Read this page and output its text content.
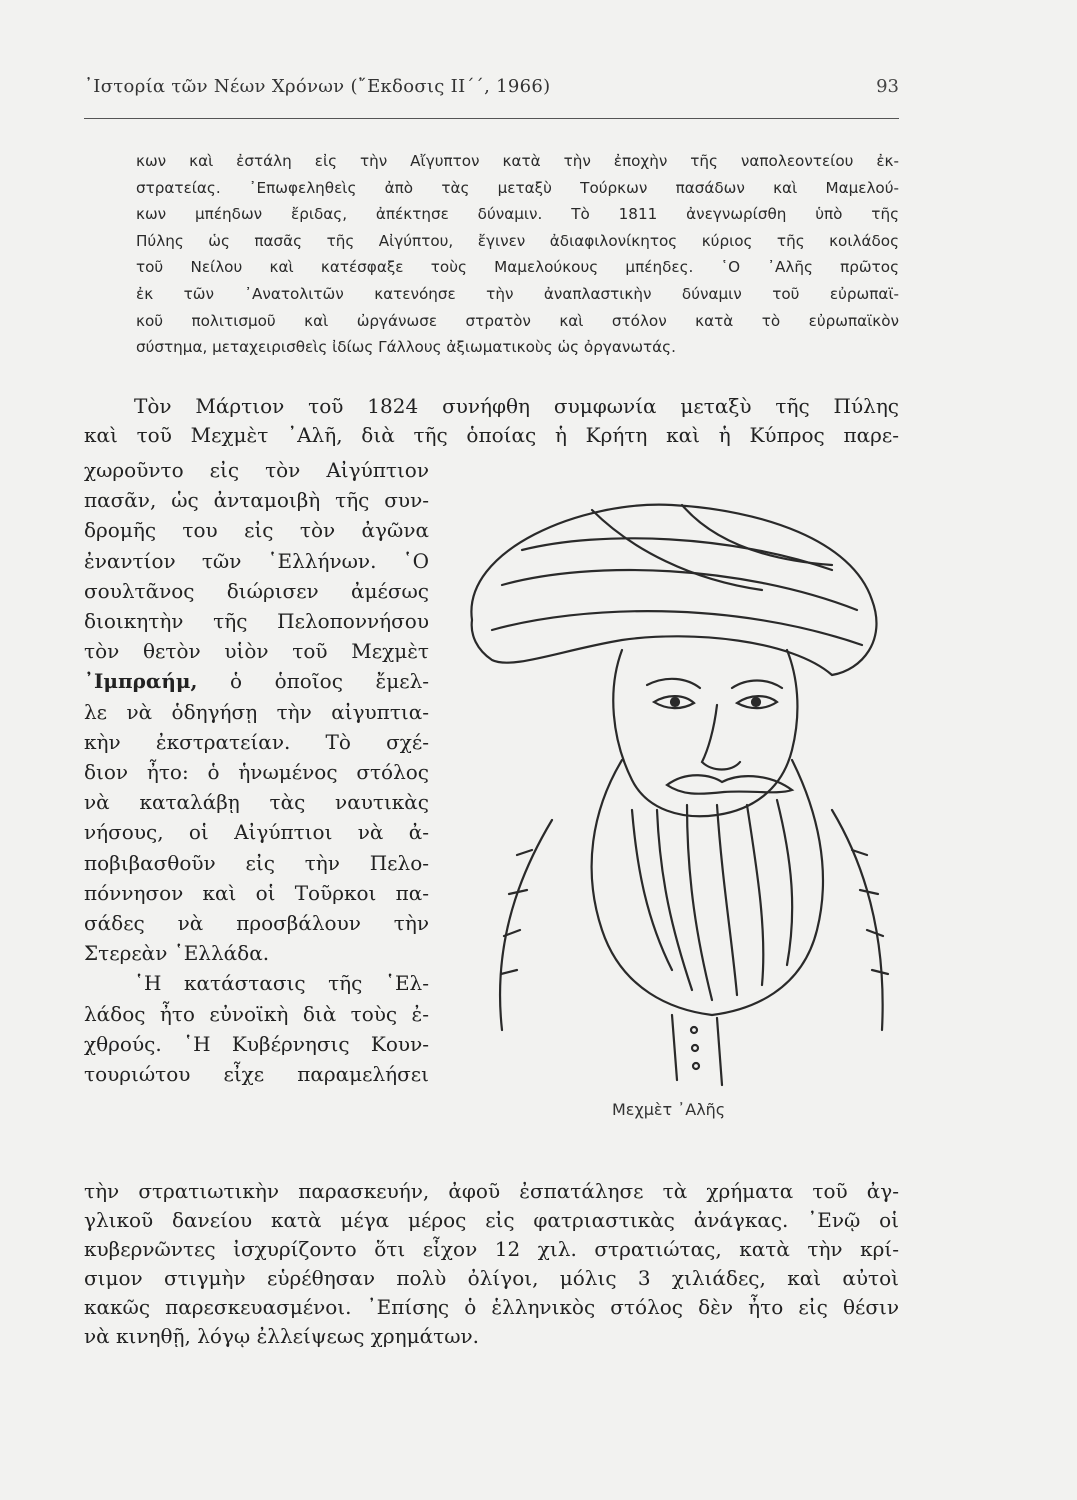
᾿Ιστορία τῶν Νέων Χρόνων (῎Εκδοσις ΙΙ΄΄, 1966)	93
κων καὶ ἐστάλη εἰς τὴν Αἴγυπτον κατὰ τὴν ἐποχὴν τῆς ναπολεοντείου ἐκ-
στρατείας. ᾿Επωφεληθεὶς ἀπὸ τὰς μεταξὺ Τούρκων πασάδων καὶ Μαμελού-
κων μπέηδων ἔριδας, ἀπέκτησε δύναμιν. Τὸ 1811 ἀνεγνωρίσθη ὑπὸ τῆς
Πύλης ὡς πασᾶς τῆς Αἰγύπτου, ἔγινεν ἀδιαφιλονίκητος κύριος τῆς κοιλάδος
τοῦ Νείλου καὶ κατέσφαξε τοὺς Μαμελούκους μπέηδες. ῾Ο ᾿Αλῆς πρῶτος
ἐκ τῶν ᾿Ανατολιτῶν κατενόησε τὴν ἀναπλαστικὴν δύναμιν τοῦ εὐρωπαϊ-
κοῦ πολιτισμοῦ καὶ ὠργάνωσε στρατὸν καὶ στόλον κατὰ τὸ εὐρωπαϊκὸν
σύστημα, μεταχειρισθεὶς ἰδίως Γάλλους ἀξιωματικοὺς ὡς ὀργανωτάς.
Τὸν Μάρτιον τοῦ 1824 συνήφθη συμφωνία μεταξὺ τῆς Πύλης
καὶ τοῦ Μεχμὲτ ᾿Αλῆ, διὰ τῆς ὁποίας ἡ Κρήτη καὶ ἡ Κύπρος παρε-
χωροῦντο εἰς τὸν Αἰγύπτιον
πασᾶν, ὡς ἀνταμοιβὴ τῆς συν-
δρομῆς του εἰς τὸν ἀγῶνα
ἐναντίον τῶν ῾Ελλήνων. ῾Ο
σουλτᾶνος διώρισεν ἀμέσως
διοικητὴν τῆς Πελοποννήσου
τὸν θετὸν υἱὸν τοῦ Μεχμὲτ
᾿Ιμπραήμ, ὁ ὁποῖος ἔμελ-
λε νὰ ὁδηγήσῃ τὴν αἰγυπτια-
κὴν ἐκστρατείαν. Τὸ σχέ-
διον ἦτο: ὁ ἡνωμένος στόλος
νὰ καταλάβῃ τὰς ναυτικὰς
νήσους, οἱ Αἰγύπτιοι νὰ ἀ-
ποβιβασθοῦν εἰς τὴν Πελο-
πόννησον καὶ οἱ Τοῦρκοι πα-
σάδες νὰ προσβάλουν τὴν
Στερεὰν ῾Ελλάδα.
῾Η κατάστασις τῆς ῾Ελ-
λάδος ἦτο εὐνοϊκὴ διὰ τοὺς ἐ-
χθρούς. ῾Η Κυβέρνησις Κουν-
τουριώτου εἶχε παραμελήσει
Μεχμὲτ ᾿Αλῆς
τὴν στρατιωτικὴν παρασκευήν, ἀφοῦ ἐσπατάλησε τὰ χρήματα τοῦ ἀγ-
γλικοῦ δανείου κατὰ μέγα μέρος εἰς φατριαστικὰς ἀνάγκας. ᾿Ενῷ οἱ
κυβερνῶντες ἰσχυρίζοντο ὅτι εἶχον 12 χιλ. στρατιώτας, κατὰ τὴν κρί-
σιμον στιγμὴν εὑρέθησαν πολὺ ὀλίγοι, μόλις 3 χιλιάδες, καὶ αὐτοὶ
κακῶς παρεσκευασμένοι. ᾿Επίσης ὁ ἑλληνικὸς στόλος δὲν ἦτο εἰς θέσιν
νὰ κινηθῇ, λόγῳ ἐλλείψεως χρημάτων.
